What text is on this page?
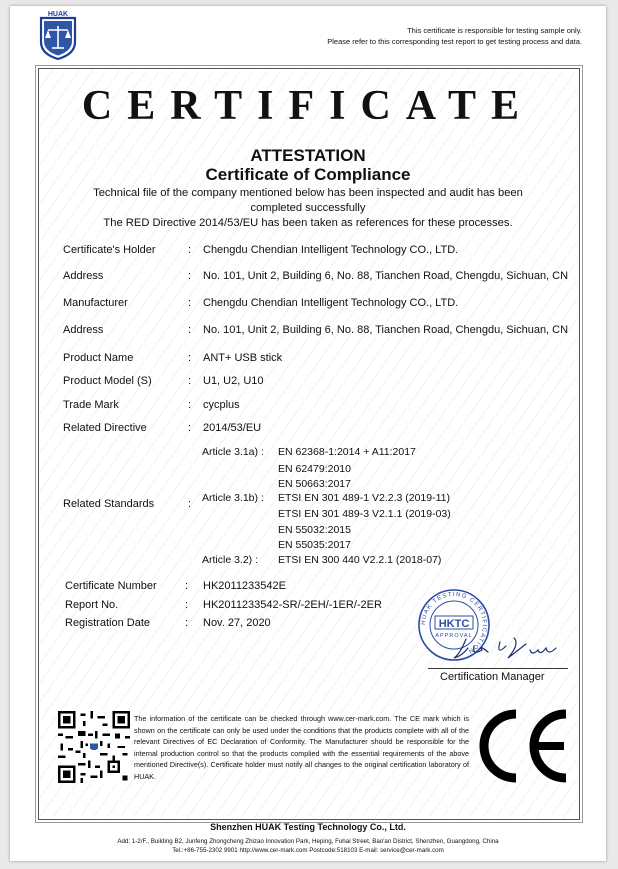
HUAK
This certificate is responsible for testing sample only.
Please refer to this corresponding test report to get testing process and data.
CERTIFICATE
ATTESTATION
Certificate of Compliance
Technical file of the company mentioned below has been inspected and audit has been
completed successfully
The RED Directive 2014/53/EU has been taken as references for these processes.
Certificate's Holder	: Chengdu Chendian Intelligent Technology CO., LTD.
Address	: No. 101, Unit 2, Building 6, No. 88, Tianchen Road, Chengdu, Sichuan, CN
Manufacturer	: Chengdu Chendian Intelligent Technology CO., LTD.
Address	: No. 101, Unit 2, Building 6, No. 88, Tianchen Road, Chengdu, Sichuan, CN
Product Name	: ANT+ USB stick
Product Model (S)	: U1, U2, U10
Trade Mark	: cycplus
Related Directive	: 2014/53/EU
Article 3.1a) : EN 62368-1:2014 + A11:2017
EN 62479:2010
EN 50663:2017
Related Standards	: Article 3.1b) : ETSI EN 301 489-1 V2.2.3 (2019-11)
ETSI EN 301 489-3 V2.1.1 (2019-03)
EN 55032:2015
EN 55035:2017
Article 3.2) : ETSI EN 300 440 V2.2.1 (2018-07)
Certificate Number	: HK2011233542E
Report No.	: HK2011233542-SR/-2EH/-1ER/-2ER
Registration Date	: Nov. 27, 2020	HUAK TESTING CERTIFICATION
HKTC
APPROVAL
Certification Manager
The information of the certificate can be checked through www.cer-mark.com. The CE mark which is shown on the certificate can only be used under the conditions that the products complete with all of the relevant Directives of EC Declaration of Conformity. The Manufacturer should be responsible for the internal production control so that the products complied with the essential requirements of the above mentioned Directive(s). Certificate holder must notify all changes to the original certification laboratory of HUAK.
Shenzhen HUAK Testing Technology Co., Ltd.
Add: 1-2/F., Building B2, Junfeng Zhongcheng Zhizao Innovation Park, Heping, Fuhai Street, Bao'an District, Shenzhen, Guangdong, China
Tel.:+86-755-2302 9901 http://www.cer-mark.com Postcode:518103 E-mail: service@cer-mark.com
